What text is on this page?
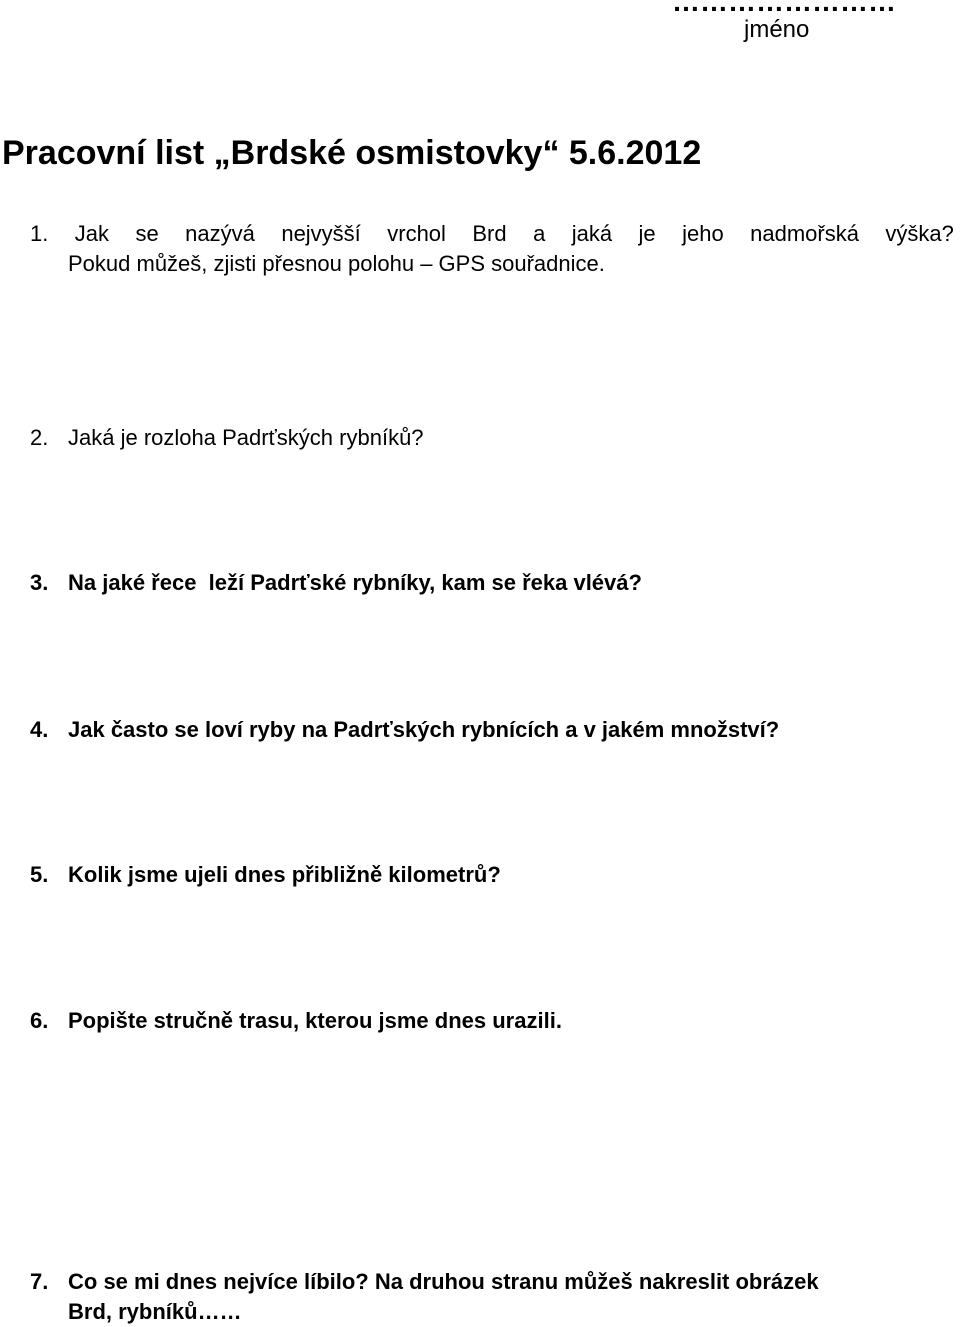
……………………
jméno
Pracovní list „Brdské osmistovky“ 5.6.2012
1. Jak se nazývá nejvyšší vrchol Brd a jaká je jeho nadmořská výška?
Pokud můžeš, zjisti přesnou polohu – GPS souřadnice.
2. Jaká je rozloha Padrťských rybníků?
3. Na jaké řece  leží Padrťské rybníky, kam se řeka vlévá?
4. Jak často se loví ryby na Padrťských rybnících a v jakém množství?
5. Kolik jsme ujeli dnes přibližně kilometrů?
6. Popište stručně trasu, kterou jsme dnes urazili.
7. Co se mi dnes nejvíce líbilo? Na druhou stranu můžeš nakreslit obrázek
Brd, rybníků……
